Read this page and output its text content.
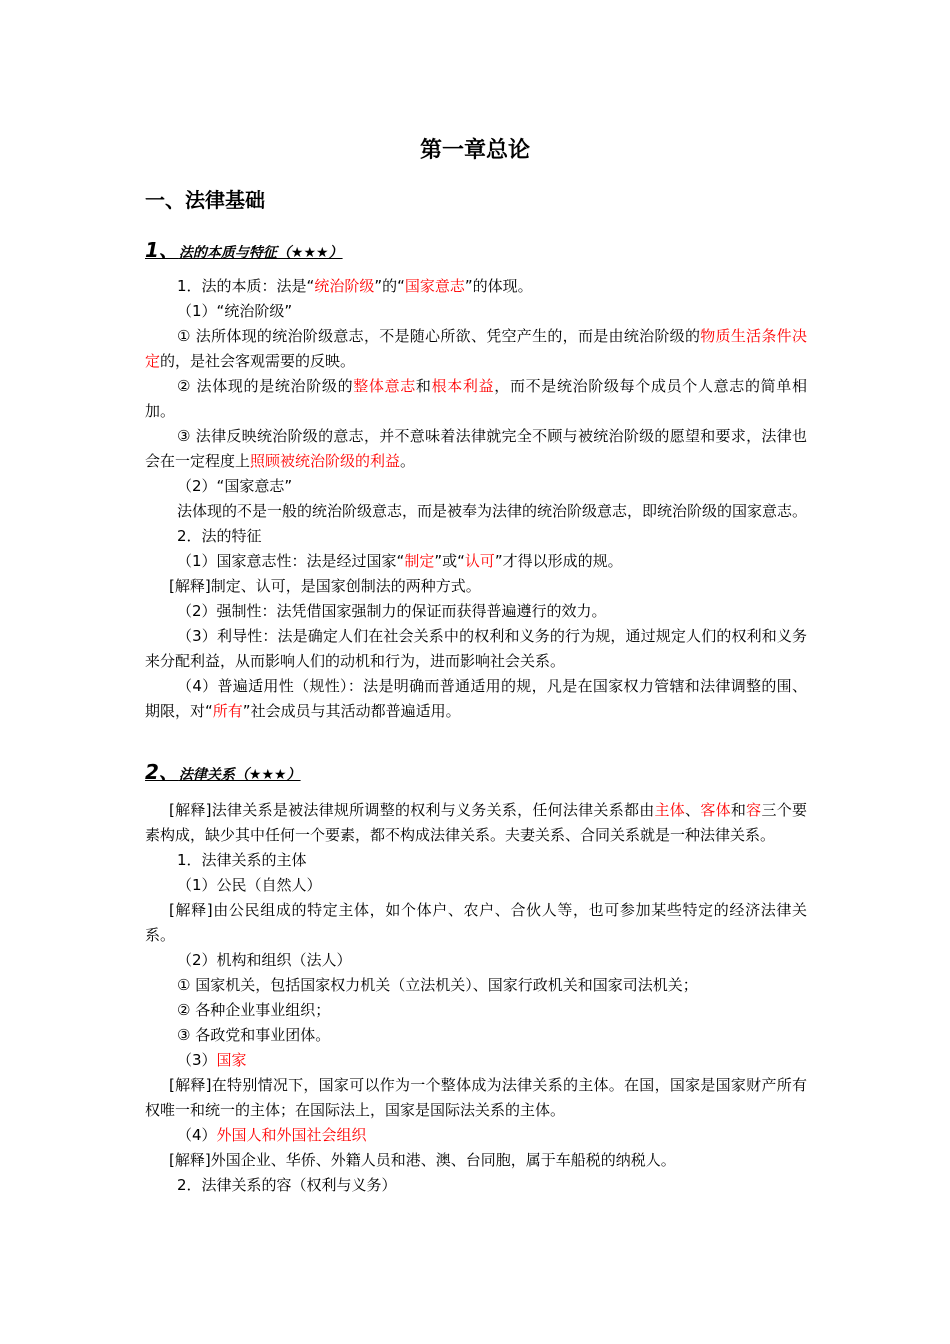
第一章总论
一、法律基础
1、法的本质与特征（★★★）

1．法的本质：法是“统治阶级”的“国家意志”的体现。

（1）“统治阶级”

① 法所体现的统治阶级意志，不是随心所欲、凭空产生的，而是由统治阶级的物质生活条件决定的，是社会客观需要的反映。

② 法体现的是统治阶级的整体意志和根本利益，而不是统治阶级每个成员个人意志的简单相加。

③ 法律反映统治阶级的意志，并不意味着法律就完全不顾与被统治阶级的愿望和要求，法律也会在一定程度上照顾被统治阶级的利益。

（2）“国家意志”

法体现的不是一般的统治阶级意志，而是被奉为法律的统治阶级意志，即统治阶级的国家意志。

2．法的特征

（1）国家意志性：法是经过国家“制定”或“认可”才得以形成的规。

[解释]制定、认可，是国家创制法的两种方式。

（2）强制性：法凭借国家强制力的保证而获得普遍遵行的效力。

（3）利导性：法是确定人们在社会关系中的权利和义务的行为规，通过规定人们的权利和义务来分配利益，从而影响人们的动机和行为，进而影响社会关系。

（4）普遍适用性（规性）：法是明确而普通适用的规，凡是在国家权力管辖和法律调整的围、期限，对“所有”社会成员与其活动都普遍适用。

2、法律关系（★★★）

[解释]法律关系是被法律规所调整的权利与义务关系，任何法律关系都由主体、客体和容三个要素构成，缺少其中任何一个要素，都不构成法律关系。夫妻关系、合同关系就是一种法律关系。

1．法律关系的主体

（1）公民（自然人）

[解释]由公民组成的特定主体，如个体户、农户、合伙人等，也可参加某些特定的经济法律关系。

（2）机构和组织（法人）

① 国家机关，包括国家权力机关（立法机关）、国家行政机关和国家司法机关；

② 各种企业事业组织；

③ 各政党和事业团体。

（3）国家

[解释]在特别情况下，国家可以作为一个整体成为法律关系的主体。在国，国家是国家财产所有权唯一和统一的主体；在国际法上，国家是国际法关系的主体。

（4）外国人和外国社会组织

[解释]外国企业、华侨、外籍人员和港、澳、台同胞，属于车船税的纳税人。

2．法律关系的容（权利与义务）
